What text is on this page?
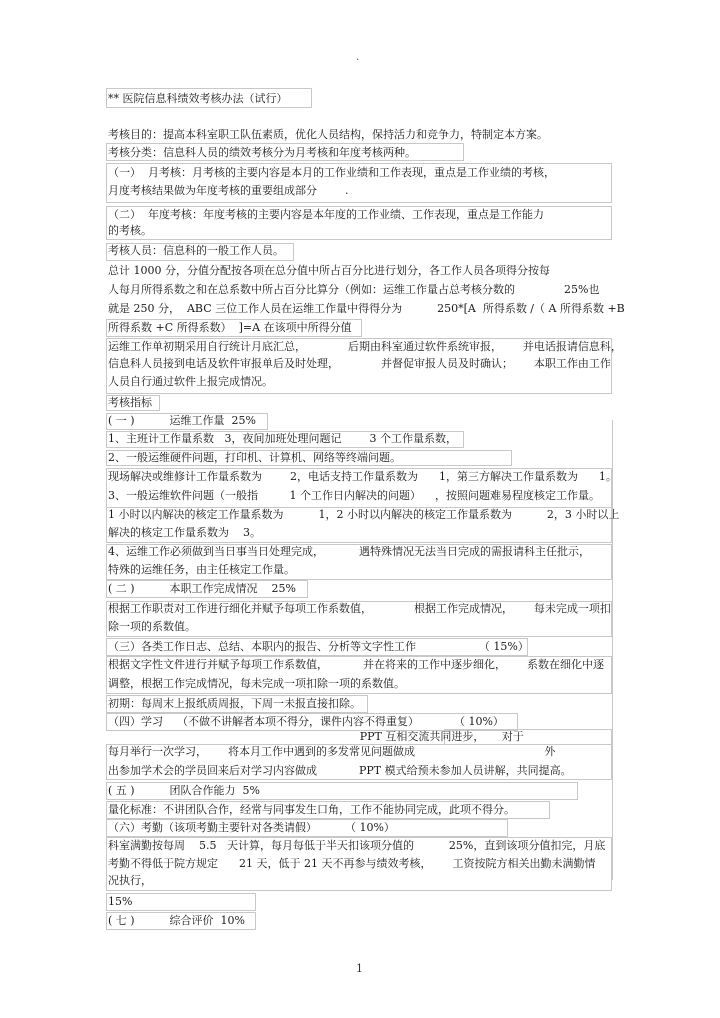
.
** 医院信息科绩效考核办法（试行）
考核目的：提高本科室职工队伍素质，优化人员结构，保持活力和竞争力，特制定本方案。
考核分类：信息科人员的绩效考核分为月考核和年度考核两种。
（一）  月考核：月考核的主要内容是本月的工作业绩和工作表现，重点是工作业绩的考核，
月度考核结果做为年度考核的重要组成部分        .
（二）  年度考核：年度考核的主要内容是本年度的工作业绩、工作表现，重点是工作能力
的考核。
考核人员：信息科的一般工作人员。
总计 1000 分，分值分配按各项在总分值中所占百分比进行划分，各工作人员各项得分按每
人每月所得系数之和在总系数中所占百分比算分（例如：运维工作量占总考核分数的              25%也
就是 250 分，  ABC 三位工作人员在运维工作量中得得分为          250*[A  所得系数 /（ A 所得系数 +B
所得系数 +C 所得系数）  ]=A 在该项中所得分值
运维工作单初期采用自行统计月底汇总，            后期由科室通过软件系统审报，      并电话报请信息科，
信息科人员接到电话及软件审报单后及时处理，            并督促审报人员及时确认；      本职工作由工作
人员自行通过软件上报完成情况。
考核指标
( 一 )          运维工作量  25%
1、主班计工作量系数   3，夜间加班处理问题记        3 个工作量系数，
2、一般运维硬件问题，打印机、计算机、网络等终端问题。
现场解决或维修计工作量系数为        2，电话支持工作量系数为      1，第三方解决工作量系数为      1。
3、一般运维软件问题（一般指         1 个工作日内解决的问题）    ，按照问题难易程度核定工作量。
1 小时以内解决的核定工作量系数为          1，2 小时以内解决的核定工作量系数为          2，3 小时以上
解决的核定工作量系数为    3。
4、运维工作必须做到当日事当日处理完成，          遇特殊情况无法当日完成的需报请科主任批示，
特殊的运维任务，由主任核定工作量。
( 二 )          本职工作完成情况    25%
根据工作职责对工作进行细化并赋予每项工作系数值，            根据工作完成情况，      每未完成一项扣
除一项的系数值。
（三）各类工作日志、总结、本职内的报告、分析等文字性工作                  （ 15%）
根据文字性文件进行并赋予每项工作系数值，          并在将来的工作中逐步细化，      系数在细化中逐
调整，根据工作完成情况，每未完成一项扣除一项的系数值。
初期：每周末上报纸质周报，下周一未报直接扣除。
（四）学习    （不做不讲解者本项不得分，课件内容不得重复）          （ 10%）
PPT 互相交流共同进步，     对于
每月举行一次学习，      将本月工作中遇到的多发常见问题做成                                     外
出参加学术会的学员回来后对学习内容做成            PPT 模式给预未参加人员讲解，共同提高。
( 五 )          团队合作能力  5%
量化标准：不讲团队合作，经常与同事发生口角，工作不能协同完成，此项不得分。
（六）考勤（该项考勤主要针对各类请假）        （ 10%）
科室满勤按每周    5.5   天计算，每月每低于半天扣该项分值的          25%，直到该项分值扣完，月底
考勤不得低于院方规定      21 天，低于 21 天不再参与绩效考核，      工资按院方相关出勤未满勤情
况执行，
15%
( 七 )          综合评价  10%
1
